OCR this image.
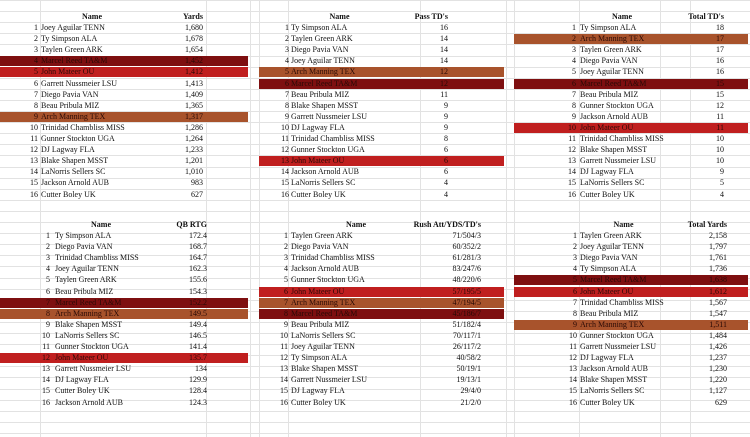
Name	Yards
1 Joey Aguilar TENN	1,680
2 Ty Simpson ALA	1,678
3 Taylen Green ARK	1,654
4 Marcel Reed TA&M	1,452
5 John Mateer OU	1,412
6 Garrett Nussmeier LSU	1,413
7 Diego Pavia VAN	1,409
8 Beau Pribula MIZ	1,365
9 Arch Manning TEX	1,317
10 Trinidad Chambliss MISS	1,286
11 Gunner Stockton UGA	1,264
12 DJ Lagway FLA	1,233
13 Blake Shapen MSST	1,201
14 LaNorris Sellers SC	1,010
15 Jackson Arnold AUB	983
16 Cutter Boley UK	627
Name	Pass TD's
1 Ty Simpson ALA	16
2 Taylen Green ARK	14
3 Diego Pavia VAN	14
4 Joey Aguilar TENN	14
5 Arch Manning TEX	12
6 Marcel Reed TA&M	12
7 Beau Pribula MIZ	11
8 Blake Shapen MSST	9
9 Garrett Nussmeier LSU	9
10 DJ Lagway FLA	9
11 Trinidad Chambliss MISS	8
12 Gunner Stockton UGA	6
13 John Mateer OU	6
14 Jackson Arnold AUB	6
15 LaNorris Sellers SC	4
16 Cutter Boley UK	4
Name	Total TD's
1 Ty Simpson ALA	18
2 Arch Manning TEX	17
3 Taylen Green ARK	17
4 Diego Pavia VAN	16
5 Joey Aguilar TENN	16
6 Marcel Reed TA&M	15
7 Beau Pribula MIZ	15
8 Gunner Stockton UGA	12
9 Jackson Arnold AUB	11
10 John Mateer OU	11
11 Trinidad Chambliss MISS	10
12 Blake Shapen MSST	10
13 Garrett Nussmeier LSU	10
14 DJ Lagway FLA	9
15 LaNorris Sellers SC	5
16 Cutter Boley UK	4
Name	QB RTG
1 Ty Simpson ALA	172.4
2 Diego Pavia VAN	168.7
3 Trinidad Chambliss MISS	164.7
4 Joey Aguilar TENN	162.3
5 Taylen Green ARK	155.6
6 Beau Pribula MIZ	154.3
7 Marcel Reed TA&M	152.2
8 Arch Manning TEX	149.5
9 Blake Shapen MSST	149.4
10 LaNorris Sellers SC	146.5
11 Gunner Stockton UGA	141.4
12 John Mateer OU	135.7
13 Garrett Nussmeier LSU	134
14 DJ Lagway FLA	129.9
15 Cutter Boley UK	128.4
16 Jackson Arnold AUB	124.3
Name	Rush Att/YDS/TD's
1 Taylen Green ARK	71/504/3
2 Diego Pavia VAN	60/352/2
3 Trinidad Chambliss MISS	61/281/3
4 Jackson Arnold AUB	83/247/6
5 Gunner Stockton UGA	48/220/6
6 John Mateer OU	57/195/5
7 Arch Manning TEX	47/194/5
8 Marcel Reed TA&M	45/186/7
9 Beau Pribula MIZ	51/182/4
10 LaNorris Sellers SC	70/117/1
11 Joey Aguilar TENN	26/117/2
12 Ty Simpson ALA	40/58/2
13 Blake Shapen MSST	50/19/1
14 Garrett Nussmeier LSU	19/13/1
15 DJ Lagway FLA	29/4/0
16 Cutter Boley UK	21/2/0
Name	Total Yards
1 Taylen Green ARK	2,158
2 Joey Aguilar TENN	1,797
3 Diego Pavia VAN	1,761
4 Ty Simpson ALA	1,736
5 Marcel Reed TA&M	1,638
6 John Mateer OU	1,612
7 Trinidad Chambliss MISS	1,567
8 Beau Pribula MIZ	1,547
9 Arch Manning TEX	1,511
10 Gunner Stockton UGA	1,484
11 Garrett Nussmeier LSU	1,426
12 DJ Lagway FLA	1,237
13 Jackson Arnold AUB	1,230
14 Blake Shapen MSST	1,220
15 LaNorris Sellers SC	1,127
16 Cutter Boley UK	629
